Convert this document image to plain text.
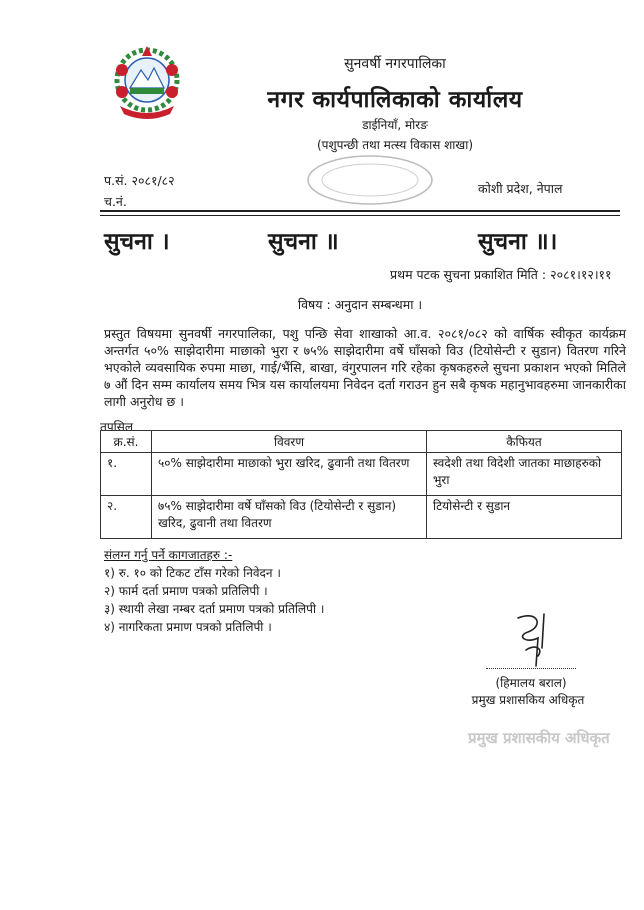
सुनवर्षी नगरपालिका
नगर कार्यपालिकाको कार्यालय
डाईनियाँ, मोरङ
(पशुपन्छी तथा मत्स्य विकास शाखा)
प.सं. २०८१/८२
च.नं.
कोशी प्रदेश, नेपाल
सुचना ।	सुचना ॥	सुचना ॥।
प्रथम पटक सुचना प्रकाशित मिति : २०८१।१२।११
विषय : अनुदान सम्बन्धमा ।
प्रस्तुत विषयमा सुनवर्षी नगरपालिका, पशु पन्छि सेवा शाखाको आ.व. २०८१/०८२ को वार्षिक स्वीकृत कार्यक्रम अन्तर्गत ५०% साझेदारीमा माछाको भुरा र ७५% साझेदारीमा वर्षे घाँसको विउ (टियोसेन्टी र सुडान) वितरण गरिने भएकोले व्यवसायिक रुपमा माछा, गाई/भैंसि, बाखा, वंगुरपालन गरि रहेका कृषकहरुले सुचना प्रकाशन भएको मितिले ७ औं दिन सम्म कार्यालय समय भित्र यस कार्यालयमा निवेदन दर्ता गराउन हुन सबै कृषक महानुभावहरुमा जानकारीका लागी अनुरोध छ ।
तपसिल
क्र.सं.	विवरण	कैफियत
१.	५०% साझेदारीमा माछाको भुरा खरिद, ढुवानी तथा वितरण	स्वदेशी तथा विदेशी जातका माछाहरुको भुरा
२.	७५% साझेदारीमा वर्षे घाँसको विउ (टियोसेन्टी र सुडान) खरिद, ढुवानी तथा वितरण	टियोसेन्टी र सुडान
संलग्न गर्नु पर्ने कागजातहरु :-
१) रु. १० को टिकट टाँस गरेको निवेदन ।
२) फार्म दर्ता प्रमाण पत्रको प्रतिलिपी ।
३) स्थायी लेखा नम्बर दर्ता प्रमाण पत्रको प्रतिलिपी ।
४) नागरिकता प्रमाण पत्रको प्रतिलिपी ।
(हिमालय बराल)
प्रमुख प्रशासकिय अधिकृत
प्रमुख प्रशासकीय अधिकृत
